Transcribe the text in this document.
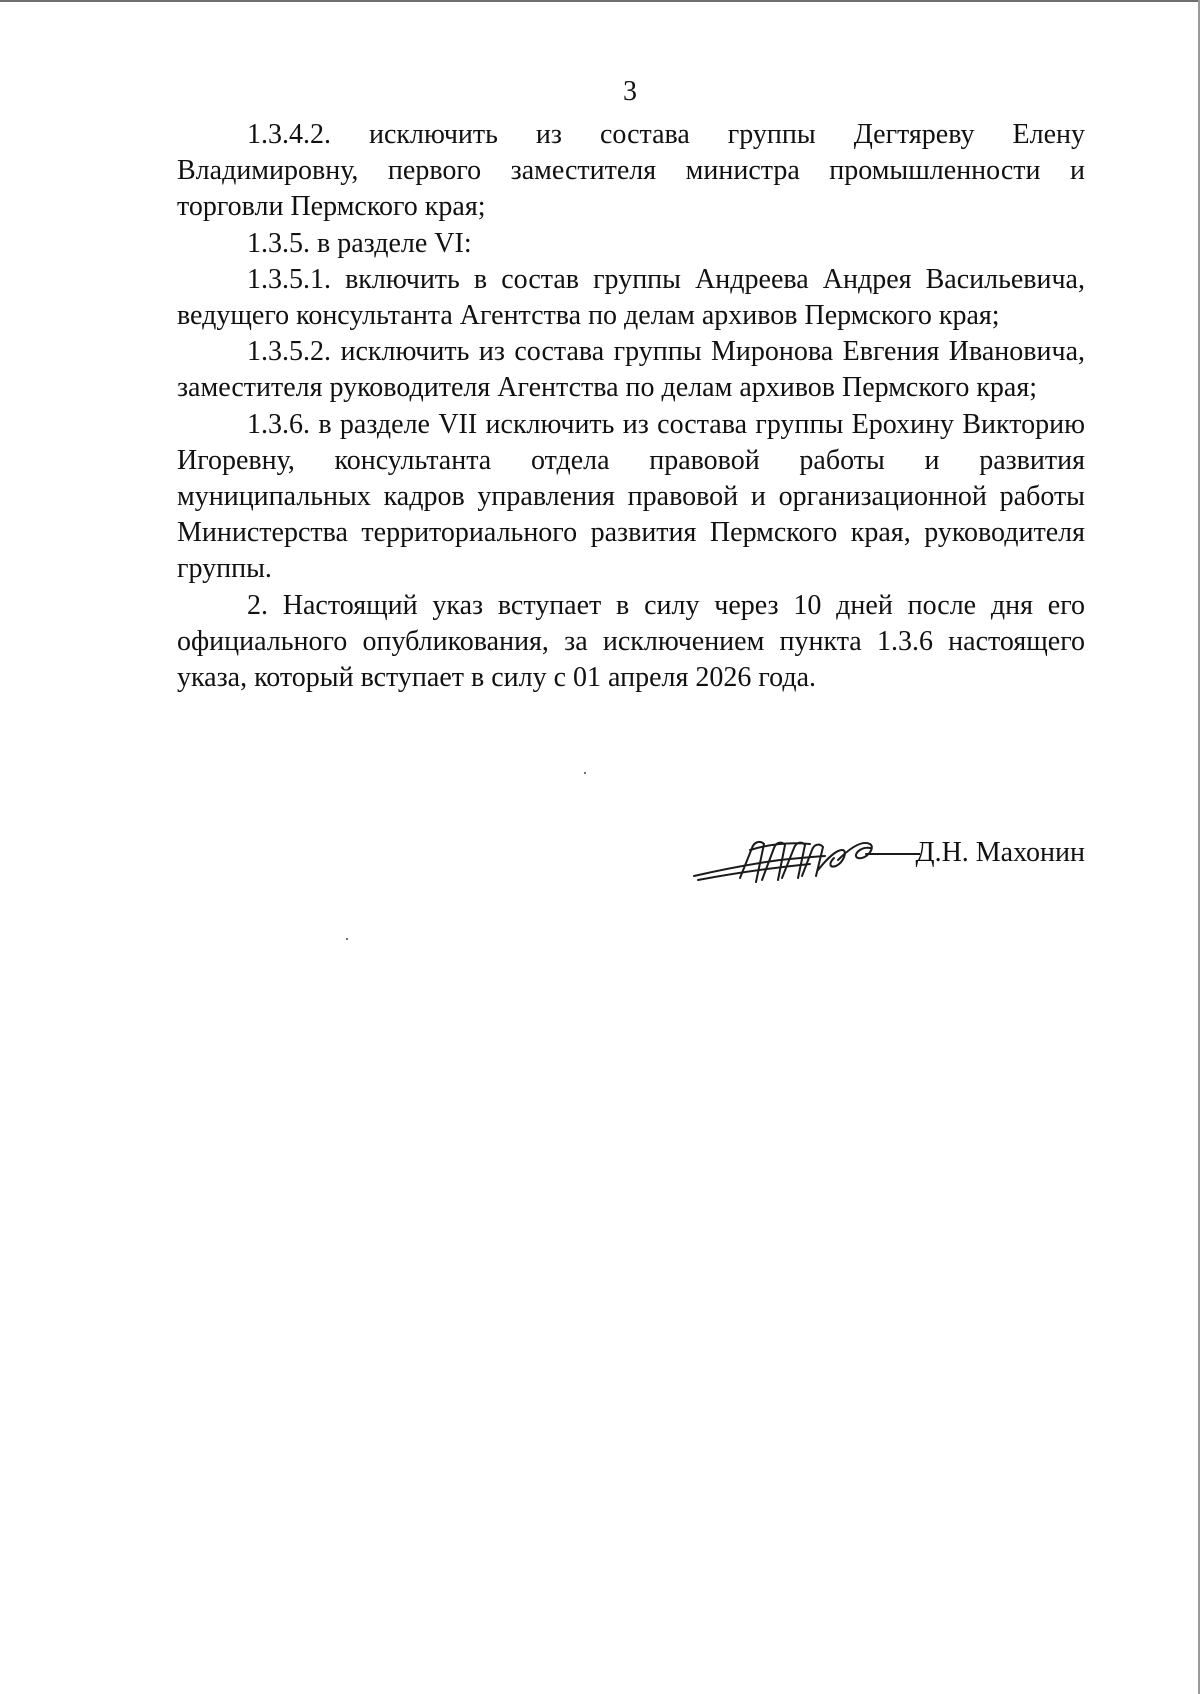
3

1.3.4.2. исключить из состава группы Дегтяреву Елену Владимировну, первого заместителя министра промышленности и торговли Пермского края;

1.3.5. в разделе VI:

1.3.5.1. включить в состав группы Андреева Андрея Васильевича, ведущего консультанта Агентства по делам архивов Пермского края;

1.3.5.2. исключить из состава группы Миронова Евгения Ивановича, заместителя руководителя Агентства по делам архивов Пермского края;

1.3.6. в разделе VII исключить из состава группы Ерохину Викторию Игоревну, консультанта отдела правовой работы и развития муниципальных кадров управления правовой и организационной работы Министерства территориального развития Пермского края, руководителя группы.

2. Настоящий указ вступает в силу через 10 дней после дня его официального опубликования, за исключением пункта 1.3.6 настоящего указа, который вступает в силу с 01 апреля 2026 года.

Д.Н. Махонин
